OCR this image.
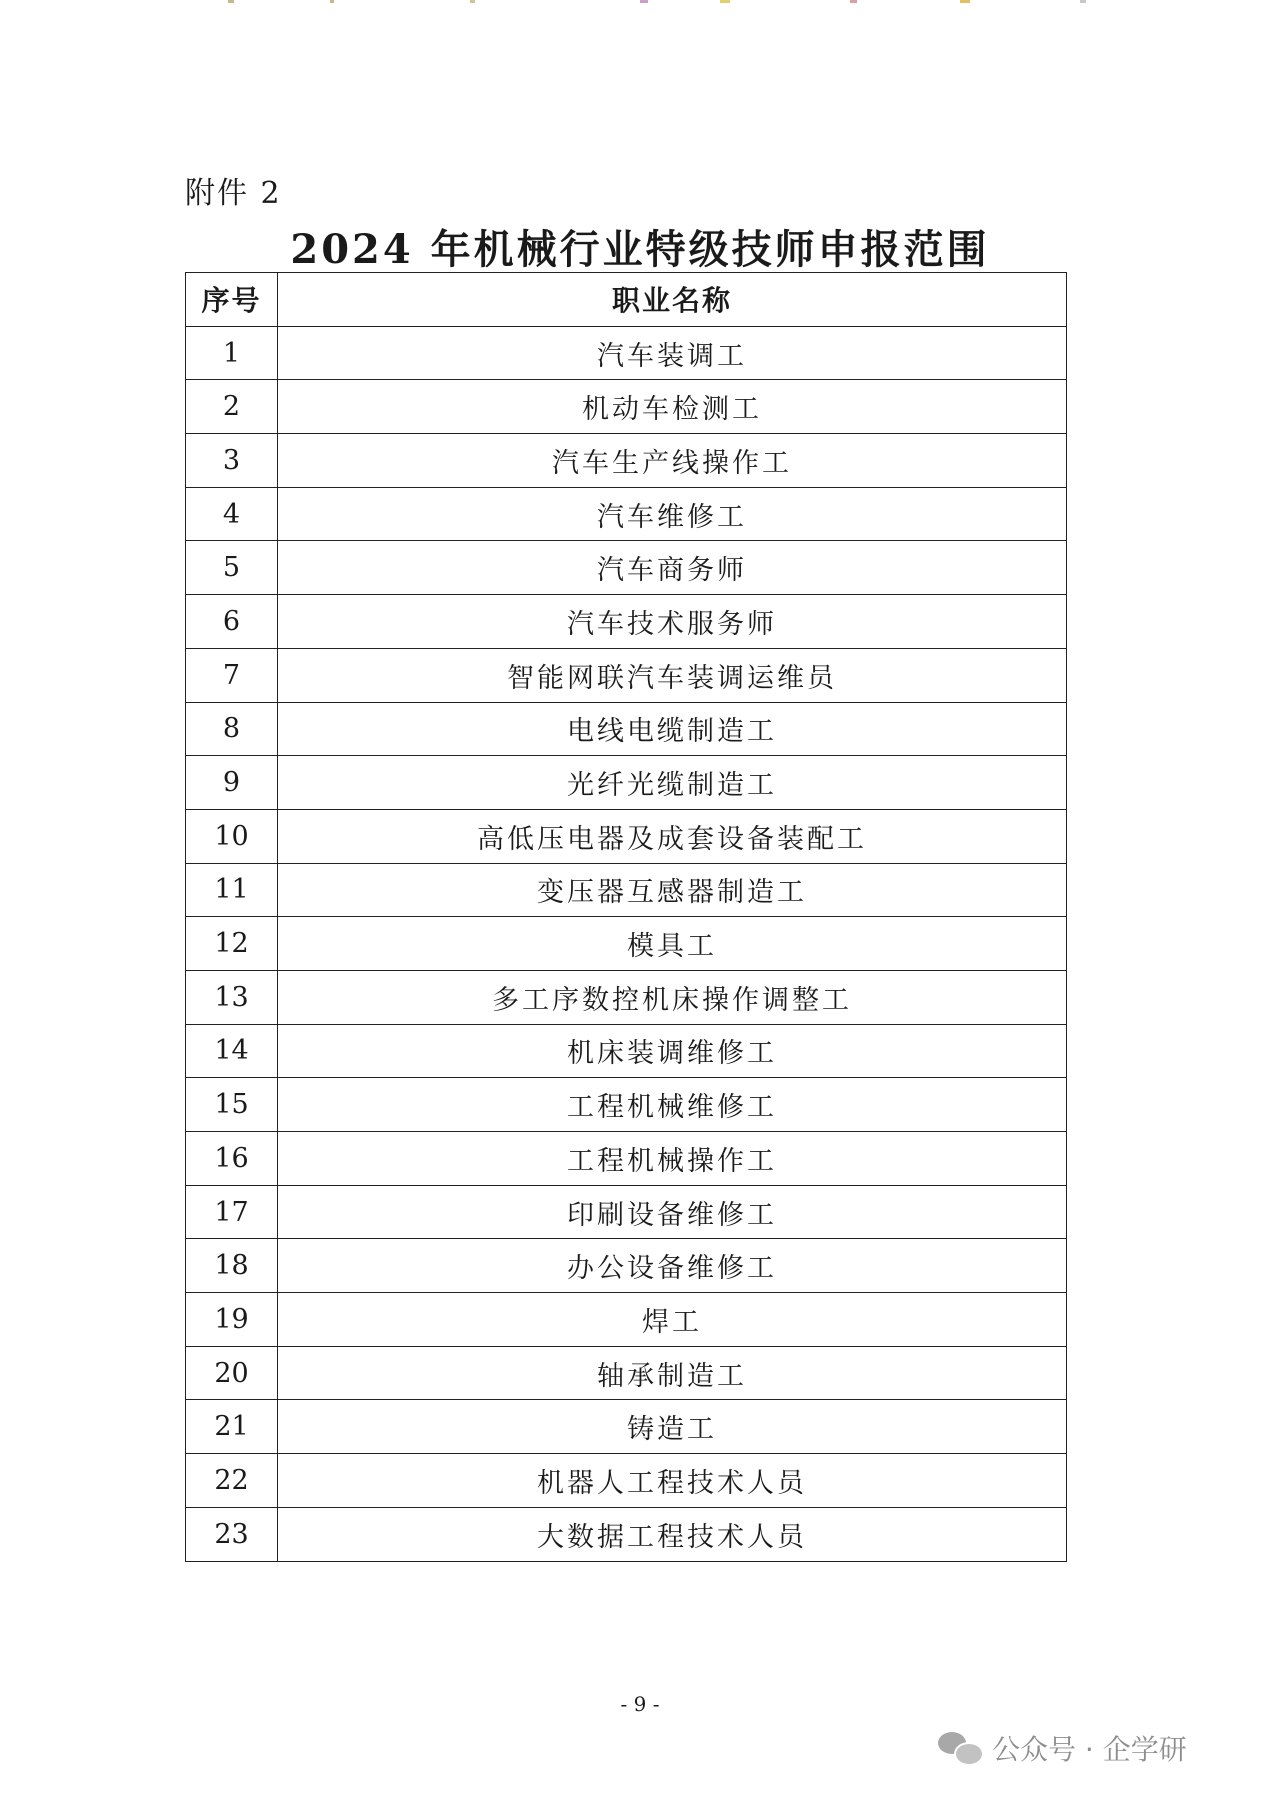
附件 2
2024 年机械行业特级技师申报范围
序号	职业名称
1	汽车装调工
2	机动车检测工
3	汽车生产线操作工
4	汽车维修工
5	汽车商务师
6	汽车技术服务师
7	智能网联汽车装调运维员
8	电线电缆制造工
9	光纤光缆制造工
10	高低压电器及成套设备装配工
11	变压器互感器制造工
12	模具工
13	多工序数控机床操作调整工
14	机床装调维修工
15	工程机械维修工
16	工程机械操作工
17	印刷设备维修工
18	办公设备维修工
19	焊工
20	轴承制造工
21	铸造工
22	机器人工程技术人员
23	大数据工程技术人员
- 9 -
公众号 · 企学研
